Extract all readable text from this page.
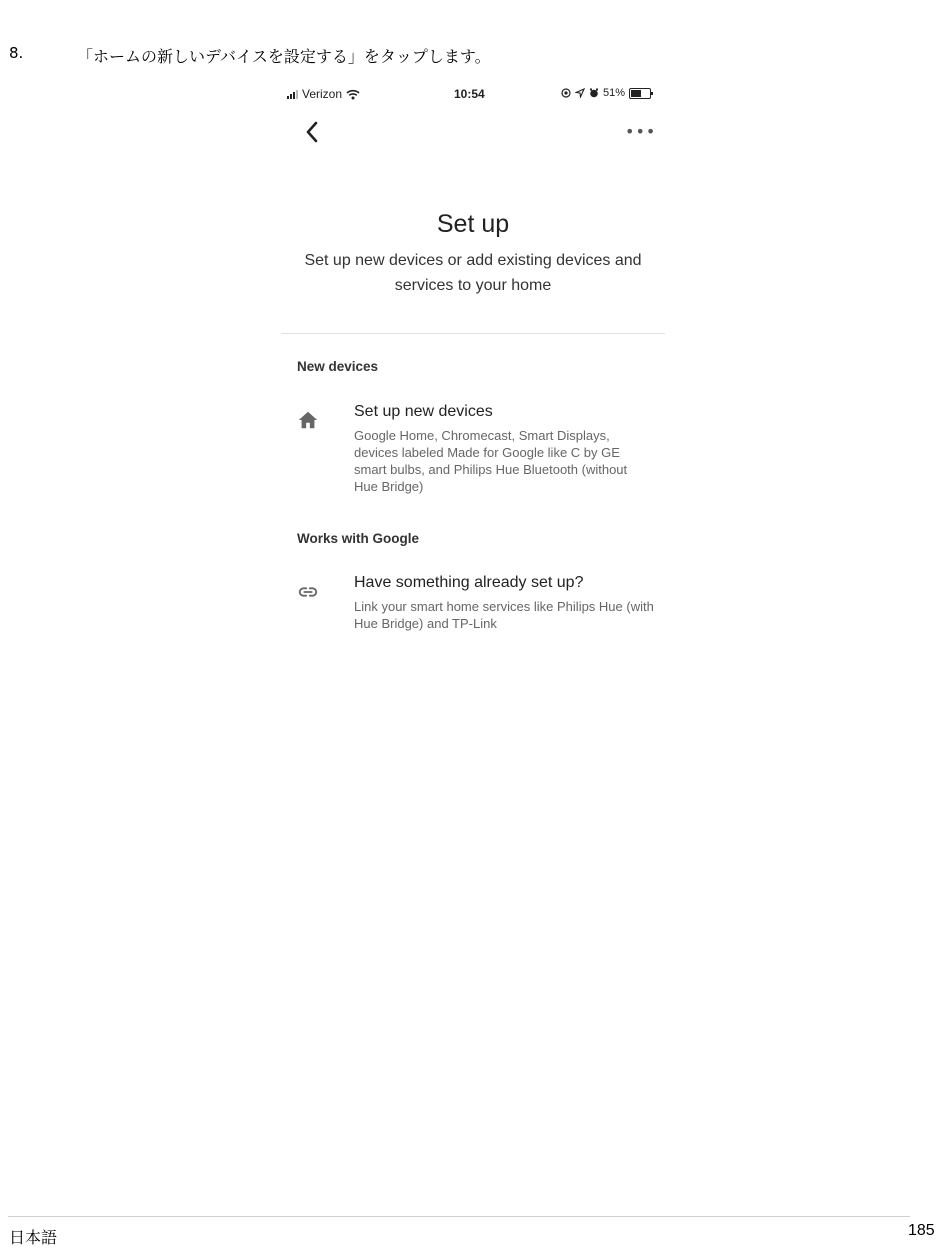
8.	「ホームの新しいデバイスを設定する」をタップします。
Verizon	10:54	51%
•••
Set up
Set up new devices or add existing devices and services to your home
New devices
Set up new devices
Google Home, Chromecast, Smart Displays, devices labeled Made for Google like C by GE smart bulbs, and Philips Hue Bluetooth (without Hue Bridge)
Works with Google
Have something already set up?
Link your smart home services like Philips Hue (with Hue Bridge) and TP-Link
日本語	185
